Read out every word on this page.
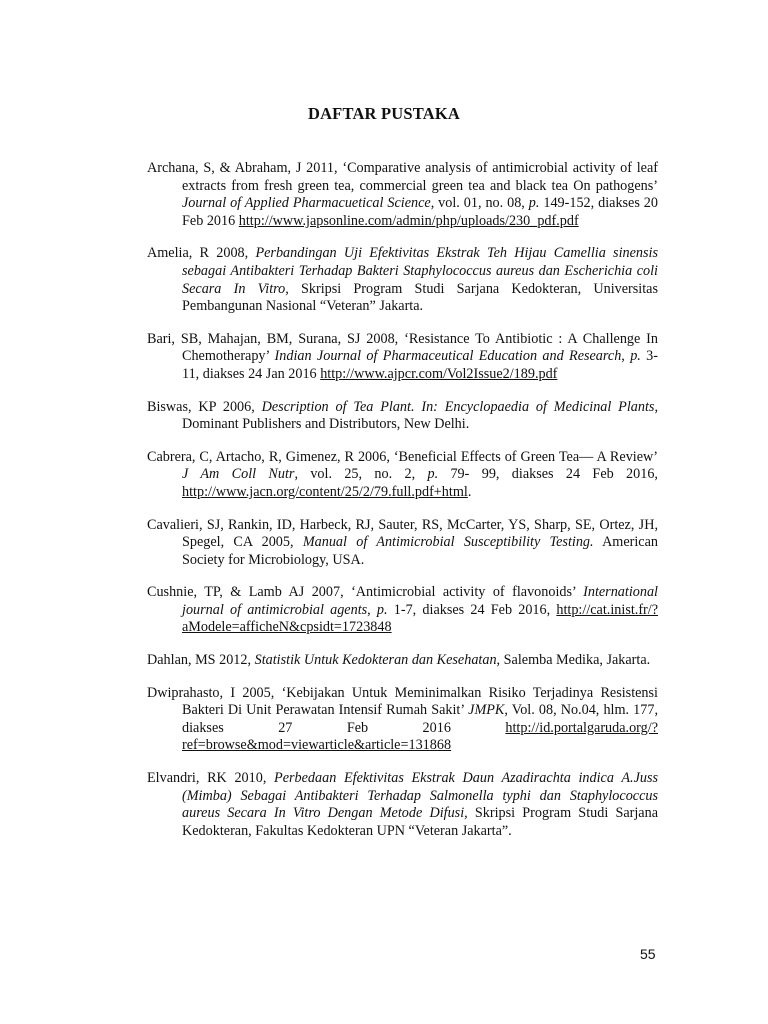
DAFTAR PUSTAKA

Archana, S, & Abraham, J 2011, ‘Comparative analysis of antimicrobial activity of leaf extracts from fresh green tea, commercial green tea and black tea On pathogens’ Journal of Applied Pharmacuetical Science, vol. 01, no. 08, p. 149-152, diakses 20 Feb 2016 http://www.japsonline.com/admin/php/uploads/230_pdf.pdf

Amelia, R 2008, Perbandingan Uji Efektivitas Ekstrak Teh Hijau Camellia sinensis sebagai Antibakteri Terhadap Bakteri Staphylococcus aureus dan Escherichia coli Secara In Vitro, Skripsi Program Studi Sarjana Kedokteran, Universitas Pembangunan Nasional “Veteran” Jakarta.

Bari, SB, Mahajan, BM, Surana, SJ 2008, ‘Resistance To Antibiotic : A Challenge In Chemotherapy’ Indian Journal of Pharmaceutical Education and Research, p. 3-11, diakses 24 Jan 2016 http://www.ajpcr.com/Vol2Issue2/189.pdf

Biswas, KP 2006, Description of Tea Plant. In: Encyclopaedia of Medicinal Plants, Dominant Publishers and Distributors, New Delhi.

Cabrera, C, Artacho, R, Gimenez, R 2006, ‘Beneficial Effects of Green Tea— A Review’ J Am Coll Nutr, vol. 25, no. 2, p. 79- 99, diakses 24 Feb 2016, http://www.jacn.org/content/25/2/79.full.pdf+html.

Cavalieri, SJ, Rankin, ID, Harbeck, RJ, Sauter, RS, McCarter, YS, Sharp, SE, Ortez, JH, Spegel, CA 2005, Manual of Antimicrobial Susceptibility Testing. American Society for Microbiology, USA.

Cushnie, TP, & Lamb AJ 2007, ‘Antimicrobial activity of flavonoids’ International journal of antimicrobial agents, p. 1-7, diakses 24 Feb 2016, http://cat.inist.fr/?aModele=afficheN&cpsidt=1723848

Dahlan, MS 2012, Statistik Untuk Kedokteran dan Kesehatan, Salemba Medika, Jakarta.

Dwiprahasto, I 2005, ‘Kebijakan Untuk Meminimalkan Risiko Terjadinya Resistensi Bakteri Di Unit Perawatan Intensif Rumah Sakit’ JMPK, Vol. 08, No.04, hlm. 177, diakses 27 Feb 2016 http://id.portalgaruda.org/?ref=browse&mod=viewarticle&article=131868

Elvandri, RK 2010, Perbedaan Efektivitas Ekstrak Daun Azadirachta indica A.Juss (Mimba) Sebagai Antibakteri Terhadap Salmonella typhi dan Staphylococcus aureus Secara In Vitro Dengan Metode Difusi, Skripsi Program Studi Sarjana Kedokteran, Fakultas Kedokteran UPN “Veteran Jakarta”.

55
